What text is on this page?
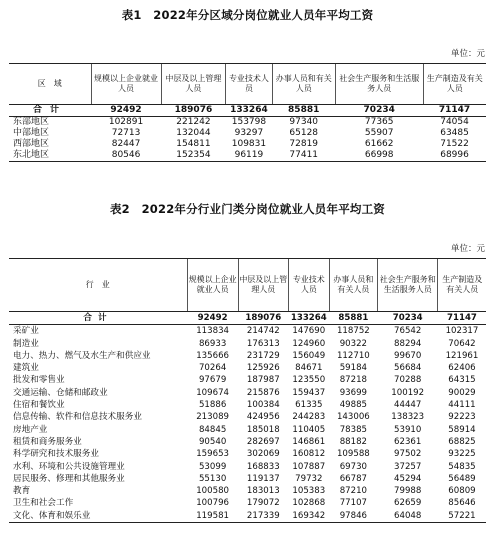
表1　2022年分区域分岗位就业人员年平均工资
单位：元
区　域	规模以上企业就业人员	中层及以上管理人员	专业技术人员	办事人员和有关人员	社会生产服务和生活服务人员	生产制造及有关人员
合计	92492	189076	133264	85881	70234	71147
东部地区	102891	221242	153798	97340	77365	74054
中部地区	72713	132044	93297	65128	55907	63485
西部地区	82447	154811	109831	72819	61662	71522
东北地区	80546	152354	96119	77411	66998	68996
表2　2022年分行业门类分岗位就业人员年平均工资
单位：元
行　业	规模以上企业就业人员	中层及以上管理人员	专业技术人员	办事人员和有关人员	社会生产服务和生活服务人员	生产制造及有关人员
合计	92492	189076	133264	85881	70234	71147
采矿业	113834	214742	147690	118752	76542	102317
制造业	86933	176313	124960	90322	88294	70642
电力、热力、燃气及水生产和供应业	135666	231729	156049	112710	99670	121961
建筑业	70264	125926	84671	59184	56684	62406
批发和零售业	97679	187987	123550	87218	70288	64315
交通运输、仓储和邮政业	109674	215876	159437	93699	100192	90029
住宿和餐饮业	51886	100384	61335	49885	44447	44111
信息传输、软件和信息技术服务业	213089	424956	244283	143006	138323	92223
房地产业	84845	185018	110405	78385	53910	58914
租赁和商务服务业	90540	282697	146861	88182	62361	68825
科学研究和技术服务业	159653	302069	160812	109588	97502	93225
水利、环境和公共设施管理业	53099	168833	107887	69730	37257	54835
居民服务、修理和其他服务业	55130	119137	79732	66787	45294	56489
教育	100580	183013	105383	87210	79988	60809
卫生和社会工作	100796	179072	102868	77107	62659	85646
文化、体育和娱乐业	119581	217339	169342	97846	64048	57221
